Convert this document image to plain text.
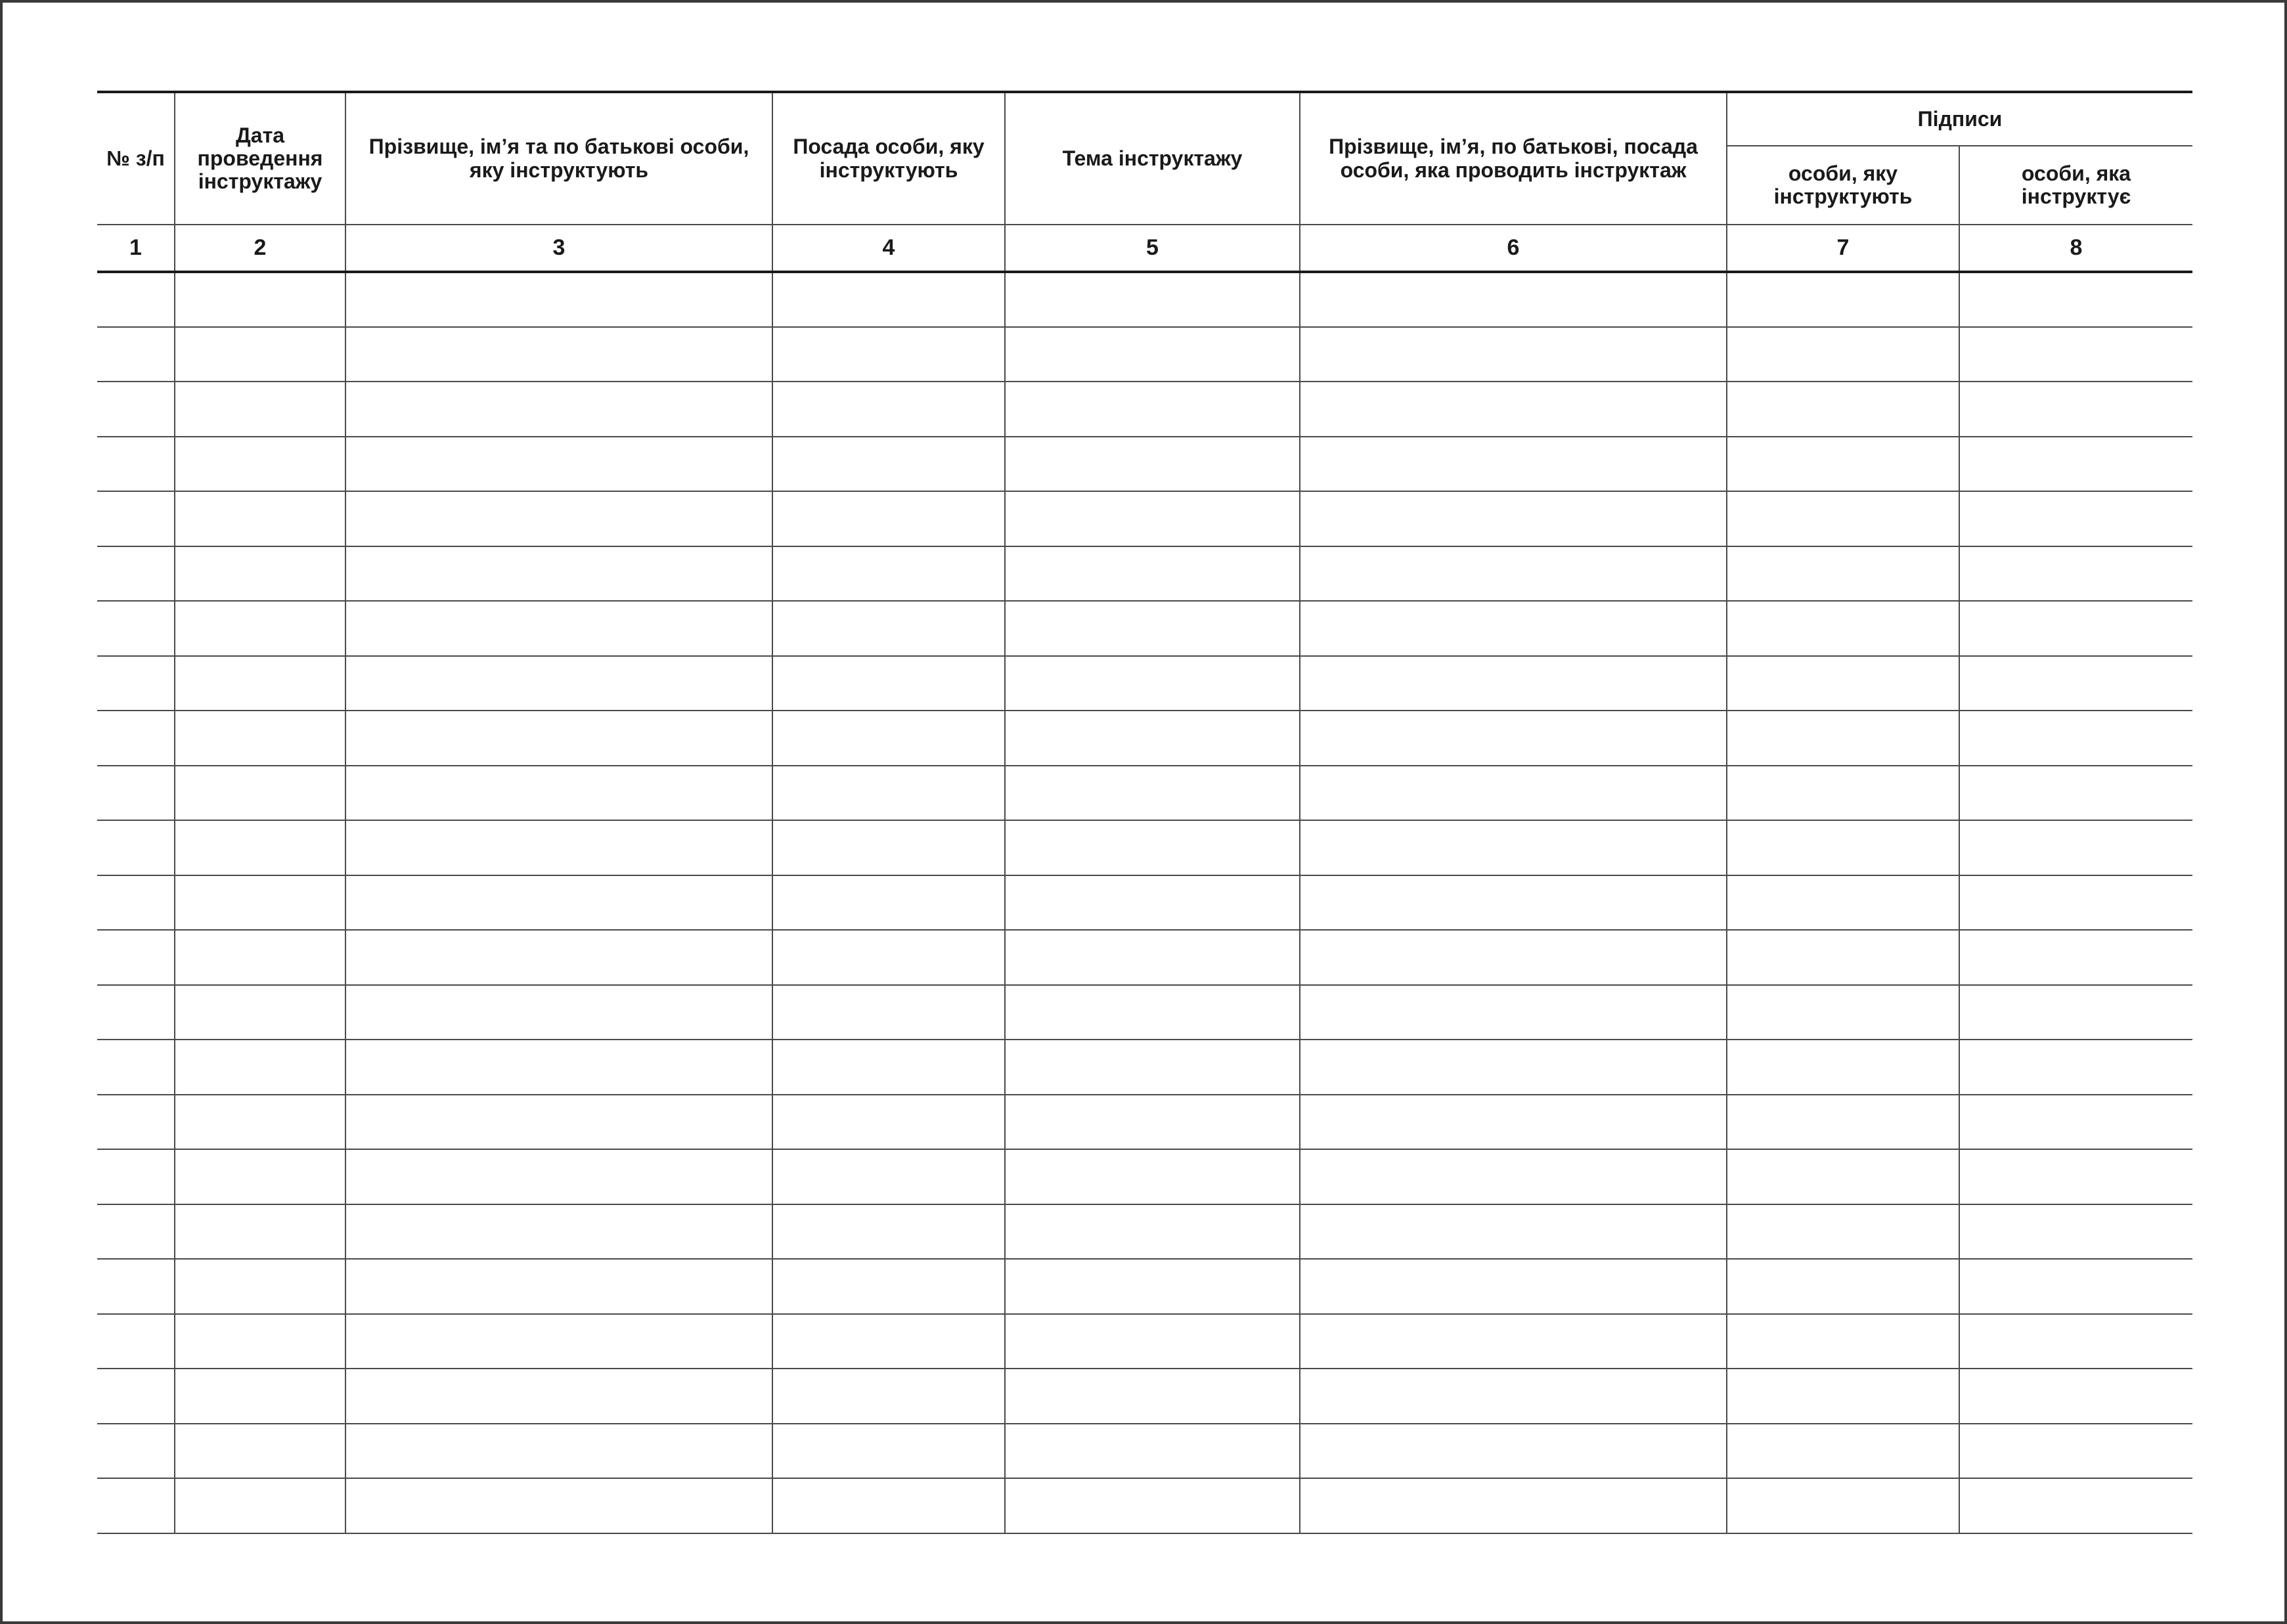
№ з/п	Дата проведення інструктажу	Прізвище, ім’я та по батькові особи, яку інструктують	Посада особи, яку інструктують	Тема інструктажу	Прізвище, ім’я, по батькові, посада особи, яка проводить інструктаж	Підписи	
						особи, яку інструктують	особи, яка інструктує
1	2	3	4	5	6	7	8
